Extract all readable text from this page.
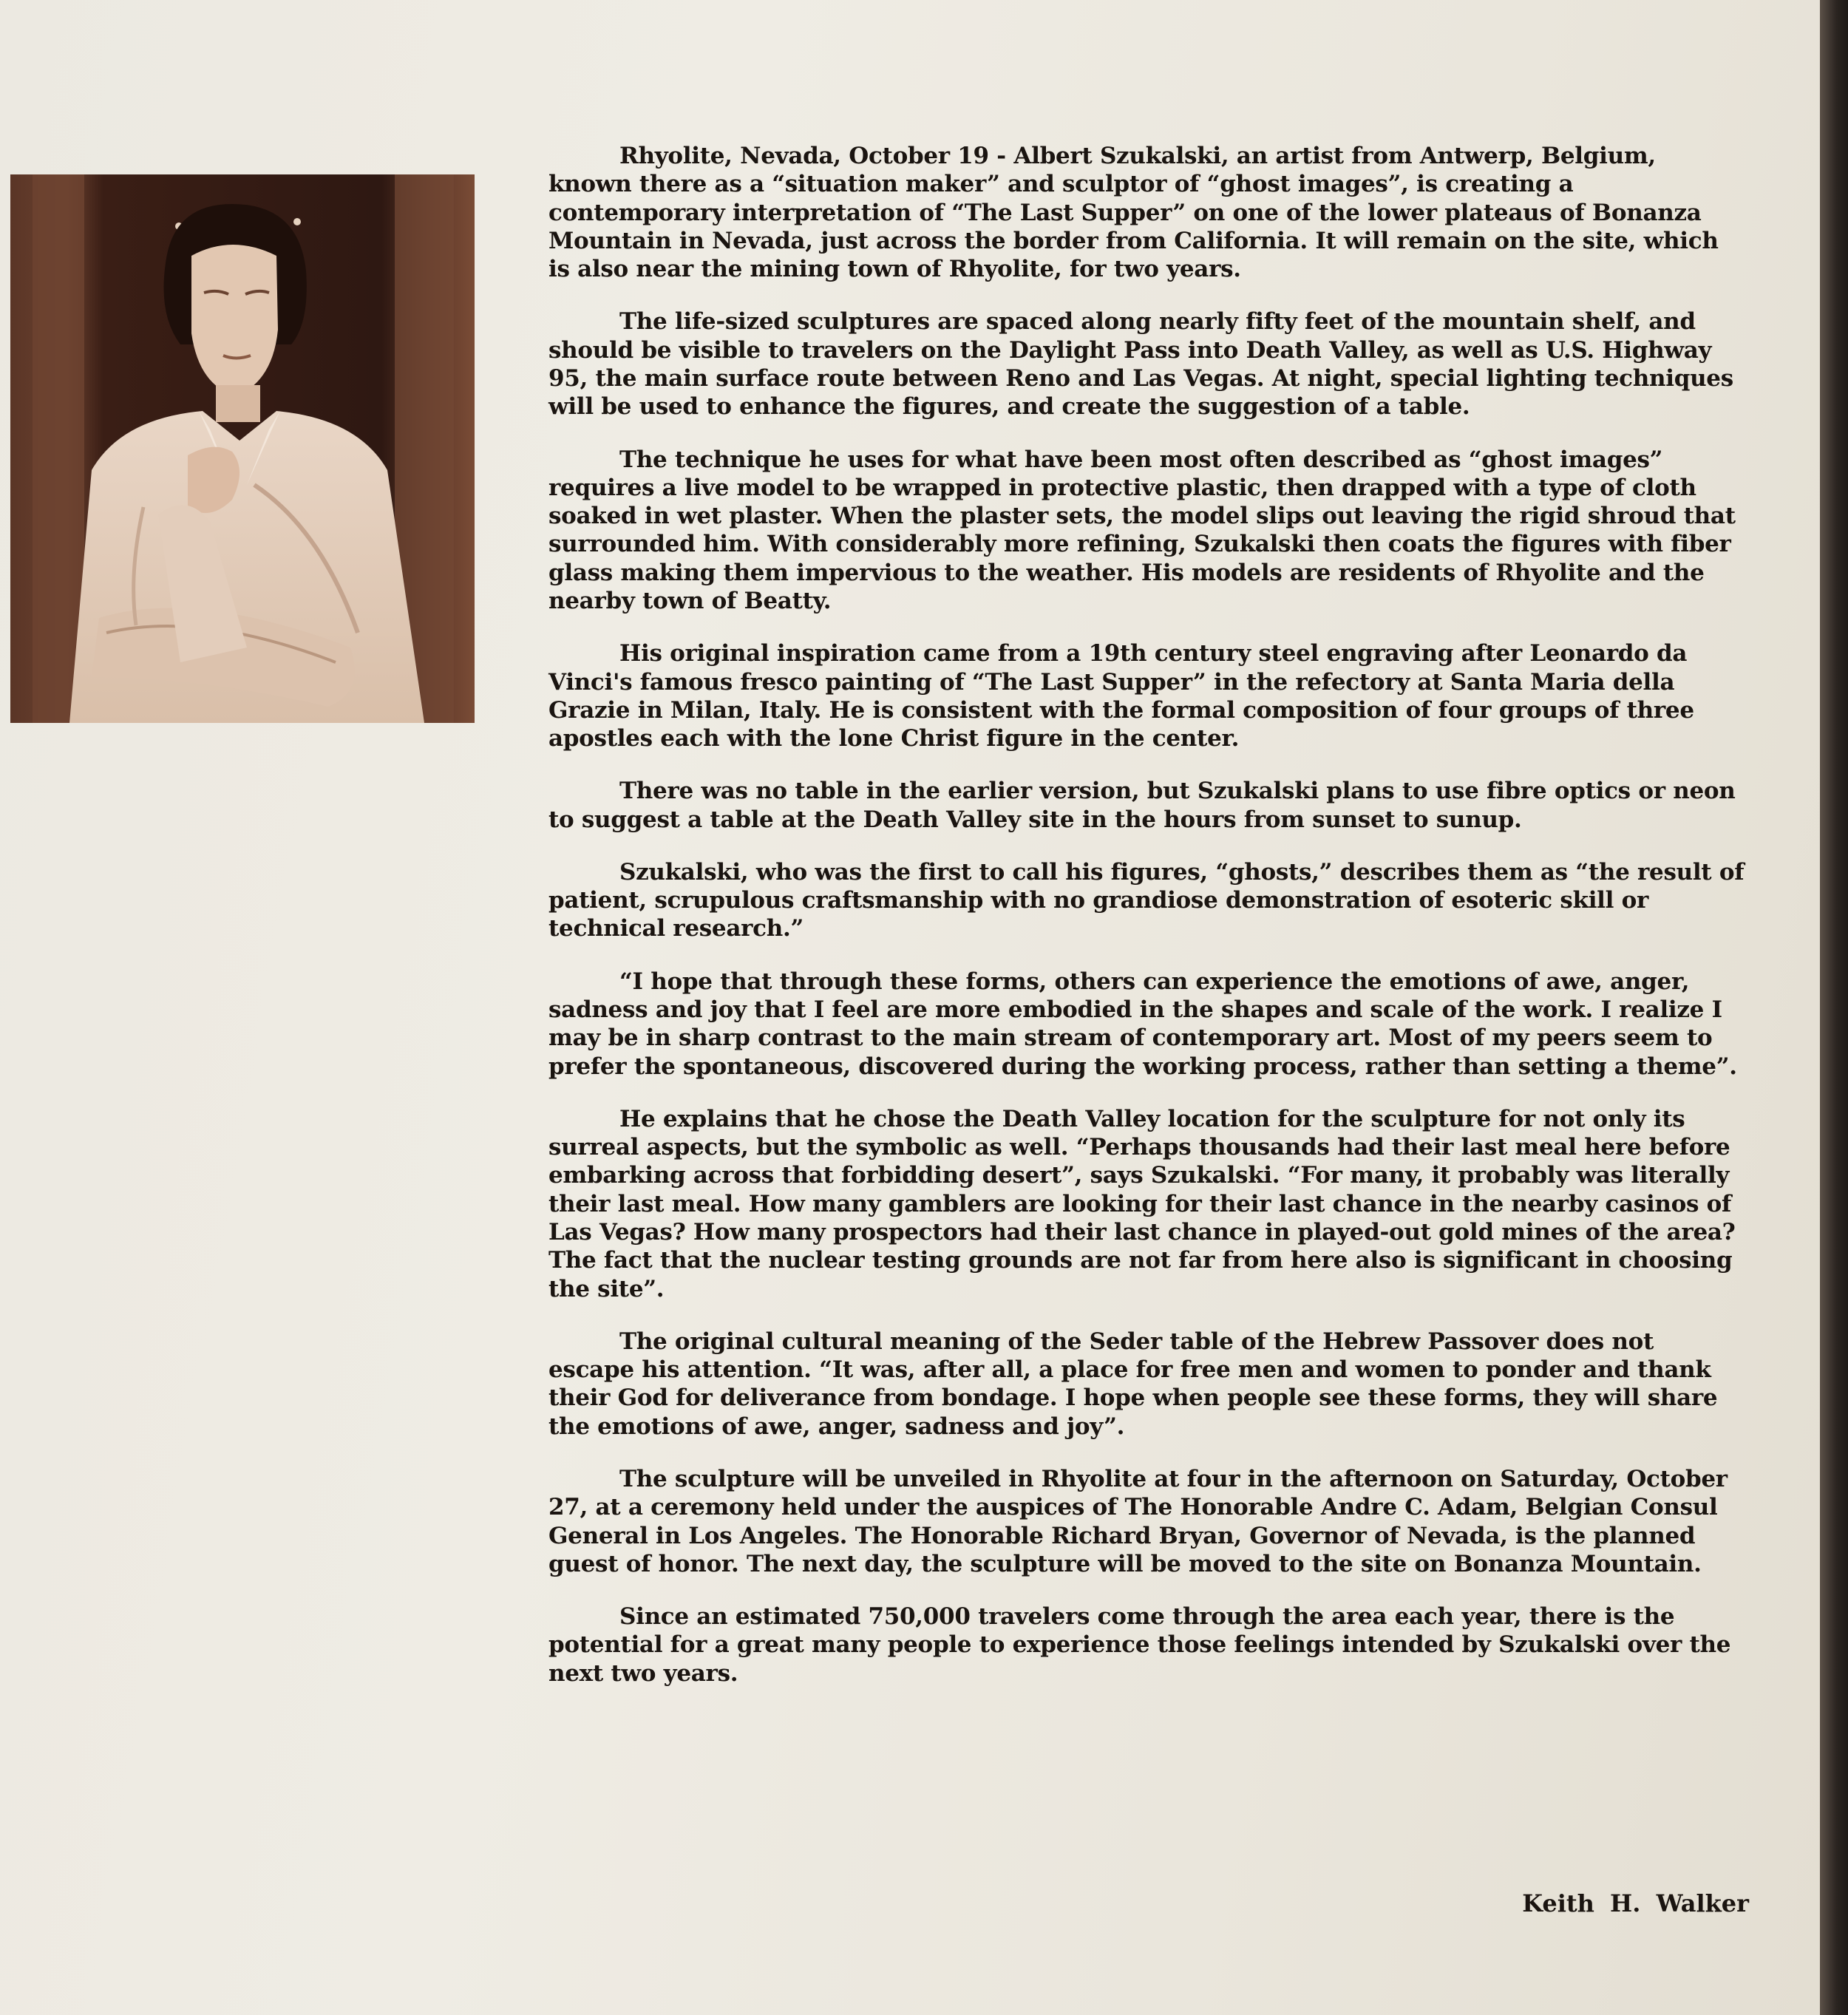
Rhyolite, Nevada, October 19 - Albert Szukalski, an artist from Antwerp, Belgium, known there as a “situation maker” and sculptor of “ghost images”, is creating a contemporary interpretation of “The Last Supper” on one of the lower plateaus of Bonanza Mountain in Nevada, just across the border from California. It will remain on the site, which is also near the mining town of Rhyolite, for two years.

The life-sized sculptures are spaced along nearly fifty feet of the mountain shelf, and should be visible to travelers on the Daylight Pass into Death Valley, as well as U.S. Highway 95, the main surface route between Reno and Las Vegas. At night, special lighting techniques will be used to enhance the figures, and create the suggestion of a table.

The technique he uses for what have been most often described as “ghost images” requires a live model to be wrapped in protective plastic, then drapped with a type of cloth soaked in wet plaster. When the plaster sets, the model slips out leaving the rigid shroud that surrounded him. With considerably more refining, Szukalski then coats the figures with fiber glass making them impervious to the weather. His models are residents of Rhyolite and the nearby town of Beatty.

His original inspiration came from a 19th century steel engraving after Leonardo da Vinci's famous fresco painting of “The Last Supper” in the refectory at Santa Maria della Grazie in Milan, Italy. He is consistent with the formal composition of four groups of three apostles each with the lone Christ figure in the center.

There was no table in the earlier version, but Szukalski plans to use fibre optics or neon to suggest a table at the Death Valley site in the hours from sunset to sunup.

Szukalski, who was the first to call his figures, “ghosts,” describes them as “the result of patient, scrupulous craftsmanship with no grandiose demonstration of esoteric skill or technical research.”

“I hope that through these forms, others can experience the emotions of awe, anger, sadness and joy that I feel are more embodied in the shapes and scale of the work. I realize I may be in sharp contrast to the main stream of contemporary art. Most of my peers seem to prefer the spontaneous, discovered during the working process, rather than setting a theme”.

He explains that he chose the Death Valley location for the sculpture for not only its surreal aspects, but the symbolic as well. “Perhaps thousands had their last meal here before embarking across that forbidding desert”, says Szukalski. “For many, it probably was literally their last meal. How many gamblers are looking for their last chance in the nearby casinos of Las Vegas? How many prospectors had their last chance in played-out gold mines of the area? The fact that the nuclear testing grounds are not far from here also is significant in choosing the site”.

The original cultural meaning of the Seder table of the Hebrew Passover does not escape his attention. “It was, after all, a place for free men and women to ponder and thank their God for deliverance from bondage. I hope when people see these forms, they will share the emotions of awe, anger, sadness and joy”.

The sculpture will be unveiled in Rhyolite at four in the afternoon on Saturday, October 27, at a ceremony held under the auspices of The Honorable Andre C. Adam, Belgian Consul General in Los Angeles. The Honorable Richard Bryan, Governor of Nevada, is the planned guest of honor. The next day, the sculpture will be moved to the site on Bonanza Mountain.

Since an estimated 750,000 travelers come through the area each year, there is the potential for a great many people to experience those feelings intended by Szukalski over the next two years.

Keith H. Walker
